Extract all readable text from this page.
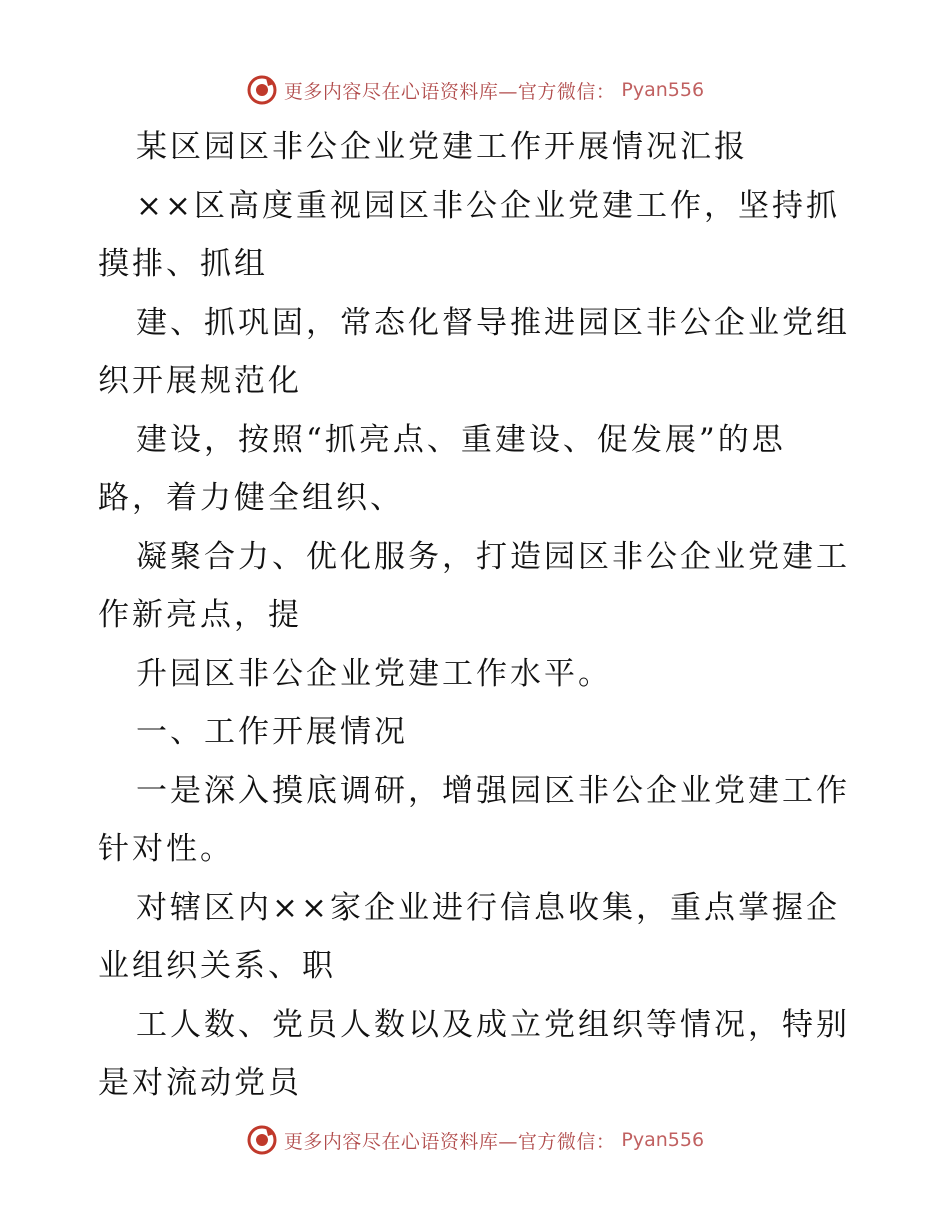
更多内容尽在心语资料库—官方微信： Pyan556

某区园区非公企业党建工作开展情况汇报

××区高度重视园区非公企业党建工作，坚持抓

摸排、抓组

建、抓巩固，常态化督导推进园区非公企业党组

织开展规范化

建设，按照“抓亮点、重建设、促发展”的思

路，着力健全组织、

凝聚合力、优化服务，打造园区非公企业党建工

作新亮点，提

升园区非公企业党建工作水平。

一、工作开展情况

一是深入摸底调研，增强园区非公企业党建工作

针对性。

对辖区内××家企业进行信息收集，重点掌握企

业组织关系、职

工人数、党员人数以及成立党组织等情况，特别

是对流动党员

更多内容尽在心语资料库—官方微信： Pyan556
